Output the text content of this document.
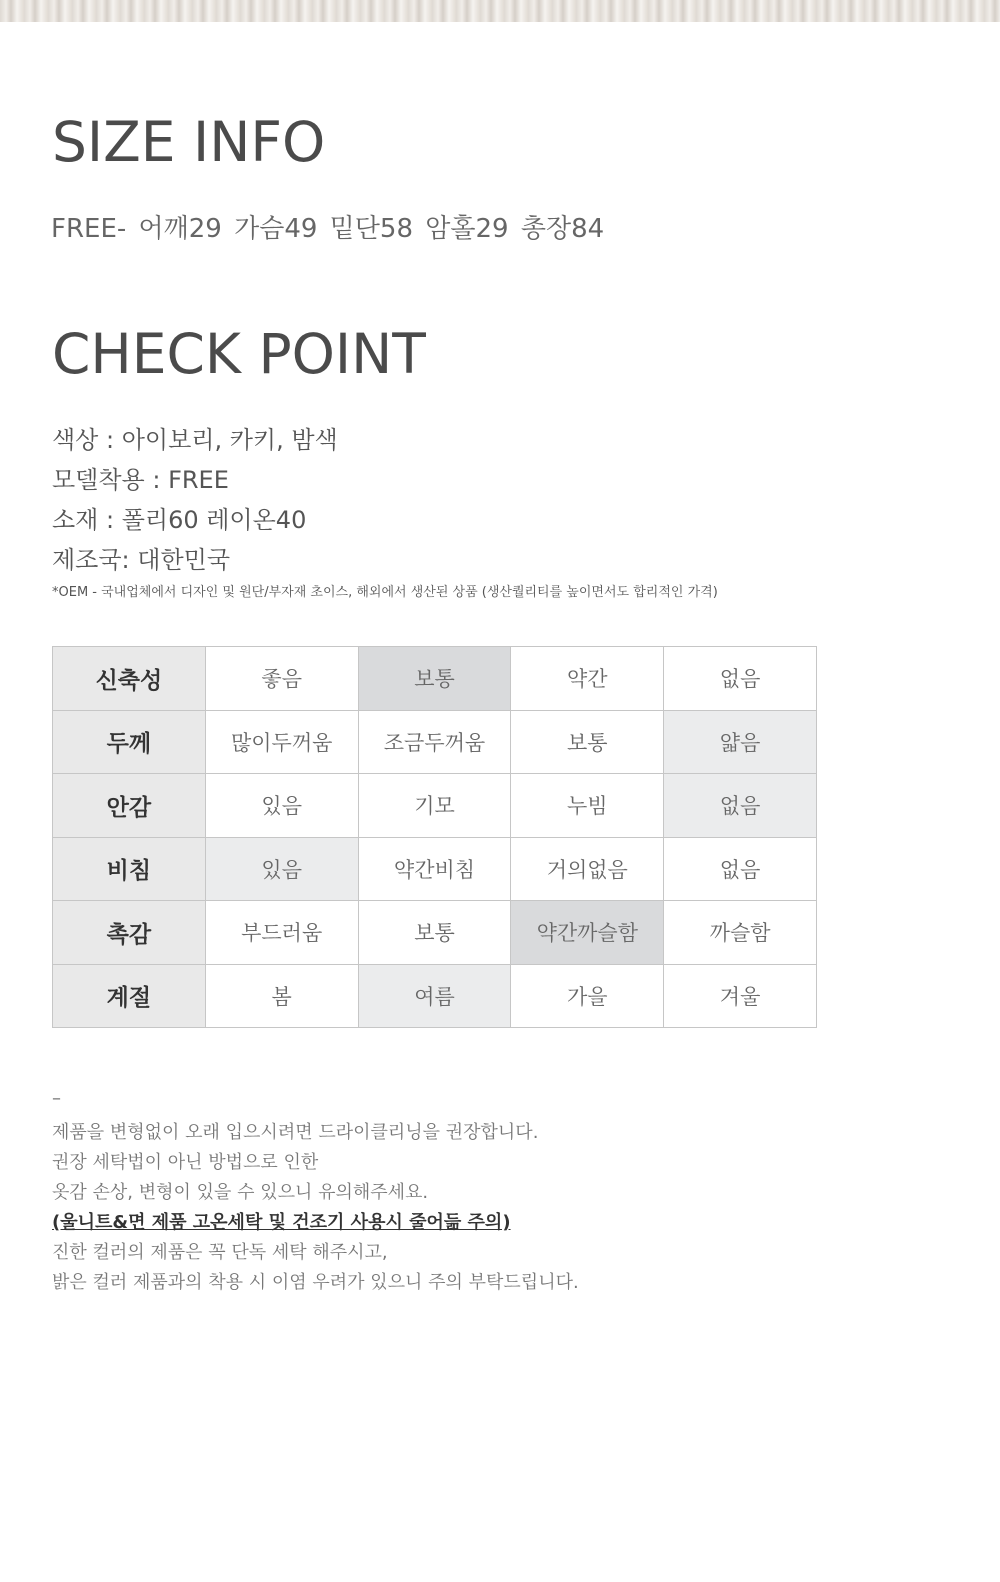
SIZE INFO
FREE- 어깨29 가슴49 밑단58 암홀29 총장84
CHECK POINT
색상 : 아이보리, 카키, 밤색
모델착용 : FREE
소재 : 폴리60 레이온40
제조국: 대한민국
*OEM - 국내업체에서 디자인 및 원단/부자재 초이스, 해외에서 생산된 상품 (생산퀄리티를 높이면서도 합리적인 가격)
신축성	좋음	보통	약간	없음
두께	많이두꺼움	조금두꺼움	보통	얇음
안감	있음	기모	누빔	없음
비침	있음	약간비침	거의없음	없음
촉감	부드러움	보통	약간까슬함	까슬함
계절	봄	여름	가을	겨울
–
제품을 변형없이 오래 입으시려면 드라이클리닝을 권장합니다.
권장 세탁법이 아닌 방법으로 인한
옷감 손상, 변형이 있을 수 있으니 유의해주세요.
(울니트&면 제품 고온세탁 및 건조기 사용시 줄어듦 주의)
진한 컬러의 제품은 꼭 단독 세탁 해주시고,
밝은 컬러 제품과의 착용 시 이염 우려가 있으니 주의 부탁드립니다.
